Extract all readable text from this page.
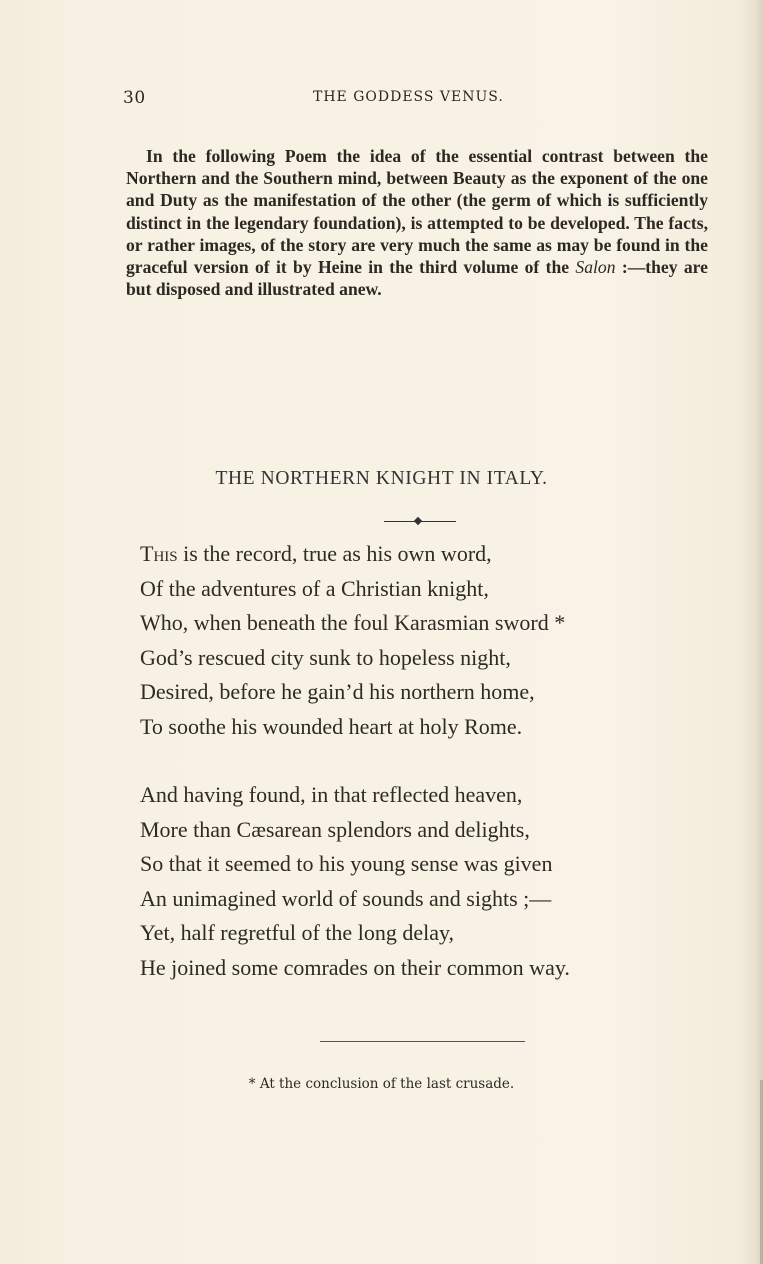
30	THE GODDESS VENUS.

In the following Poem the idea of the essential contrast between the Northern and the Southern mind, between Beauty as the exponent of the one and Duty as the manifestation of the other (the germ of which is sufficiently distinct in the legendary foundation), is attempted to be developed. The facts, or rather images, of the story are very much the same as may be found in the graceful version of it by Heine in the third volume of the Salon :—they are but disposed and illustrated anew.

THE NORTHERN KNIGHT IN ITALY.
This is the record, true as his own word,
Of the adventures of a Christian knight,
Who, when beneath the foul Karasmian sword *
God’s rescued city sunk to hopeless night,
Desired, before he gain’d his northern home,
To soothe his wounded heart at holy Rome.
And having found, in that reflected heaven,
More than Cæsarean splendors and delights,
So that it seemed to his young sense was given
An unimagined world of sounds and sights ;—
Yet, half regretful of the long delay,
He joined some comrades on their common way.
* At the conclusion of the last crusade.
